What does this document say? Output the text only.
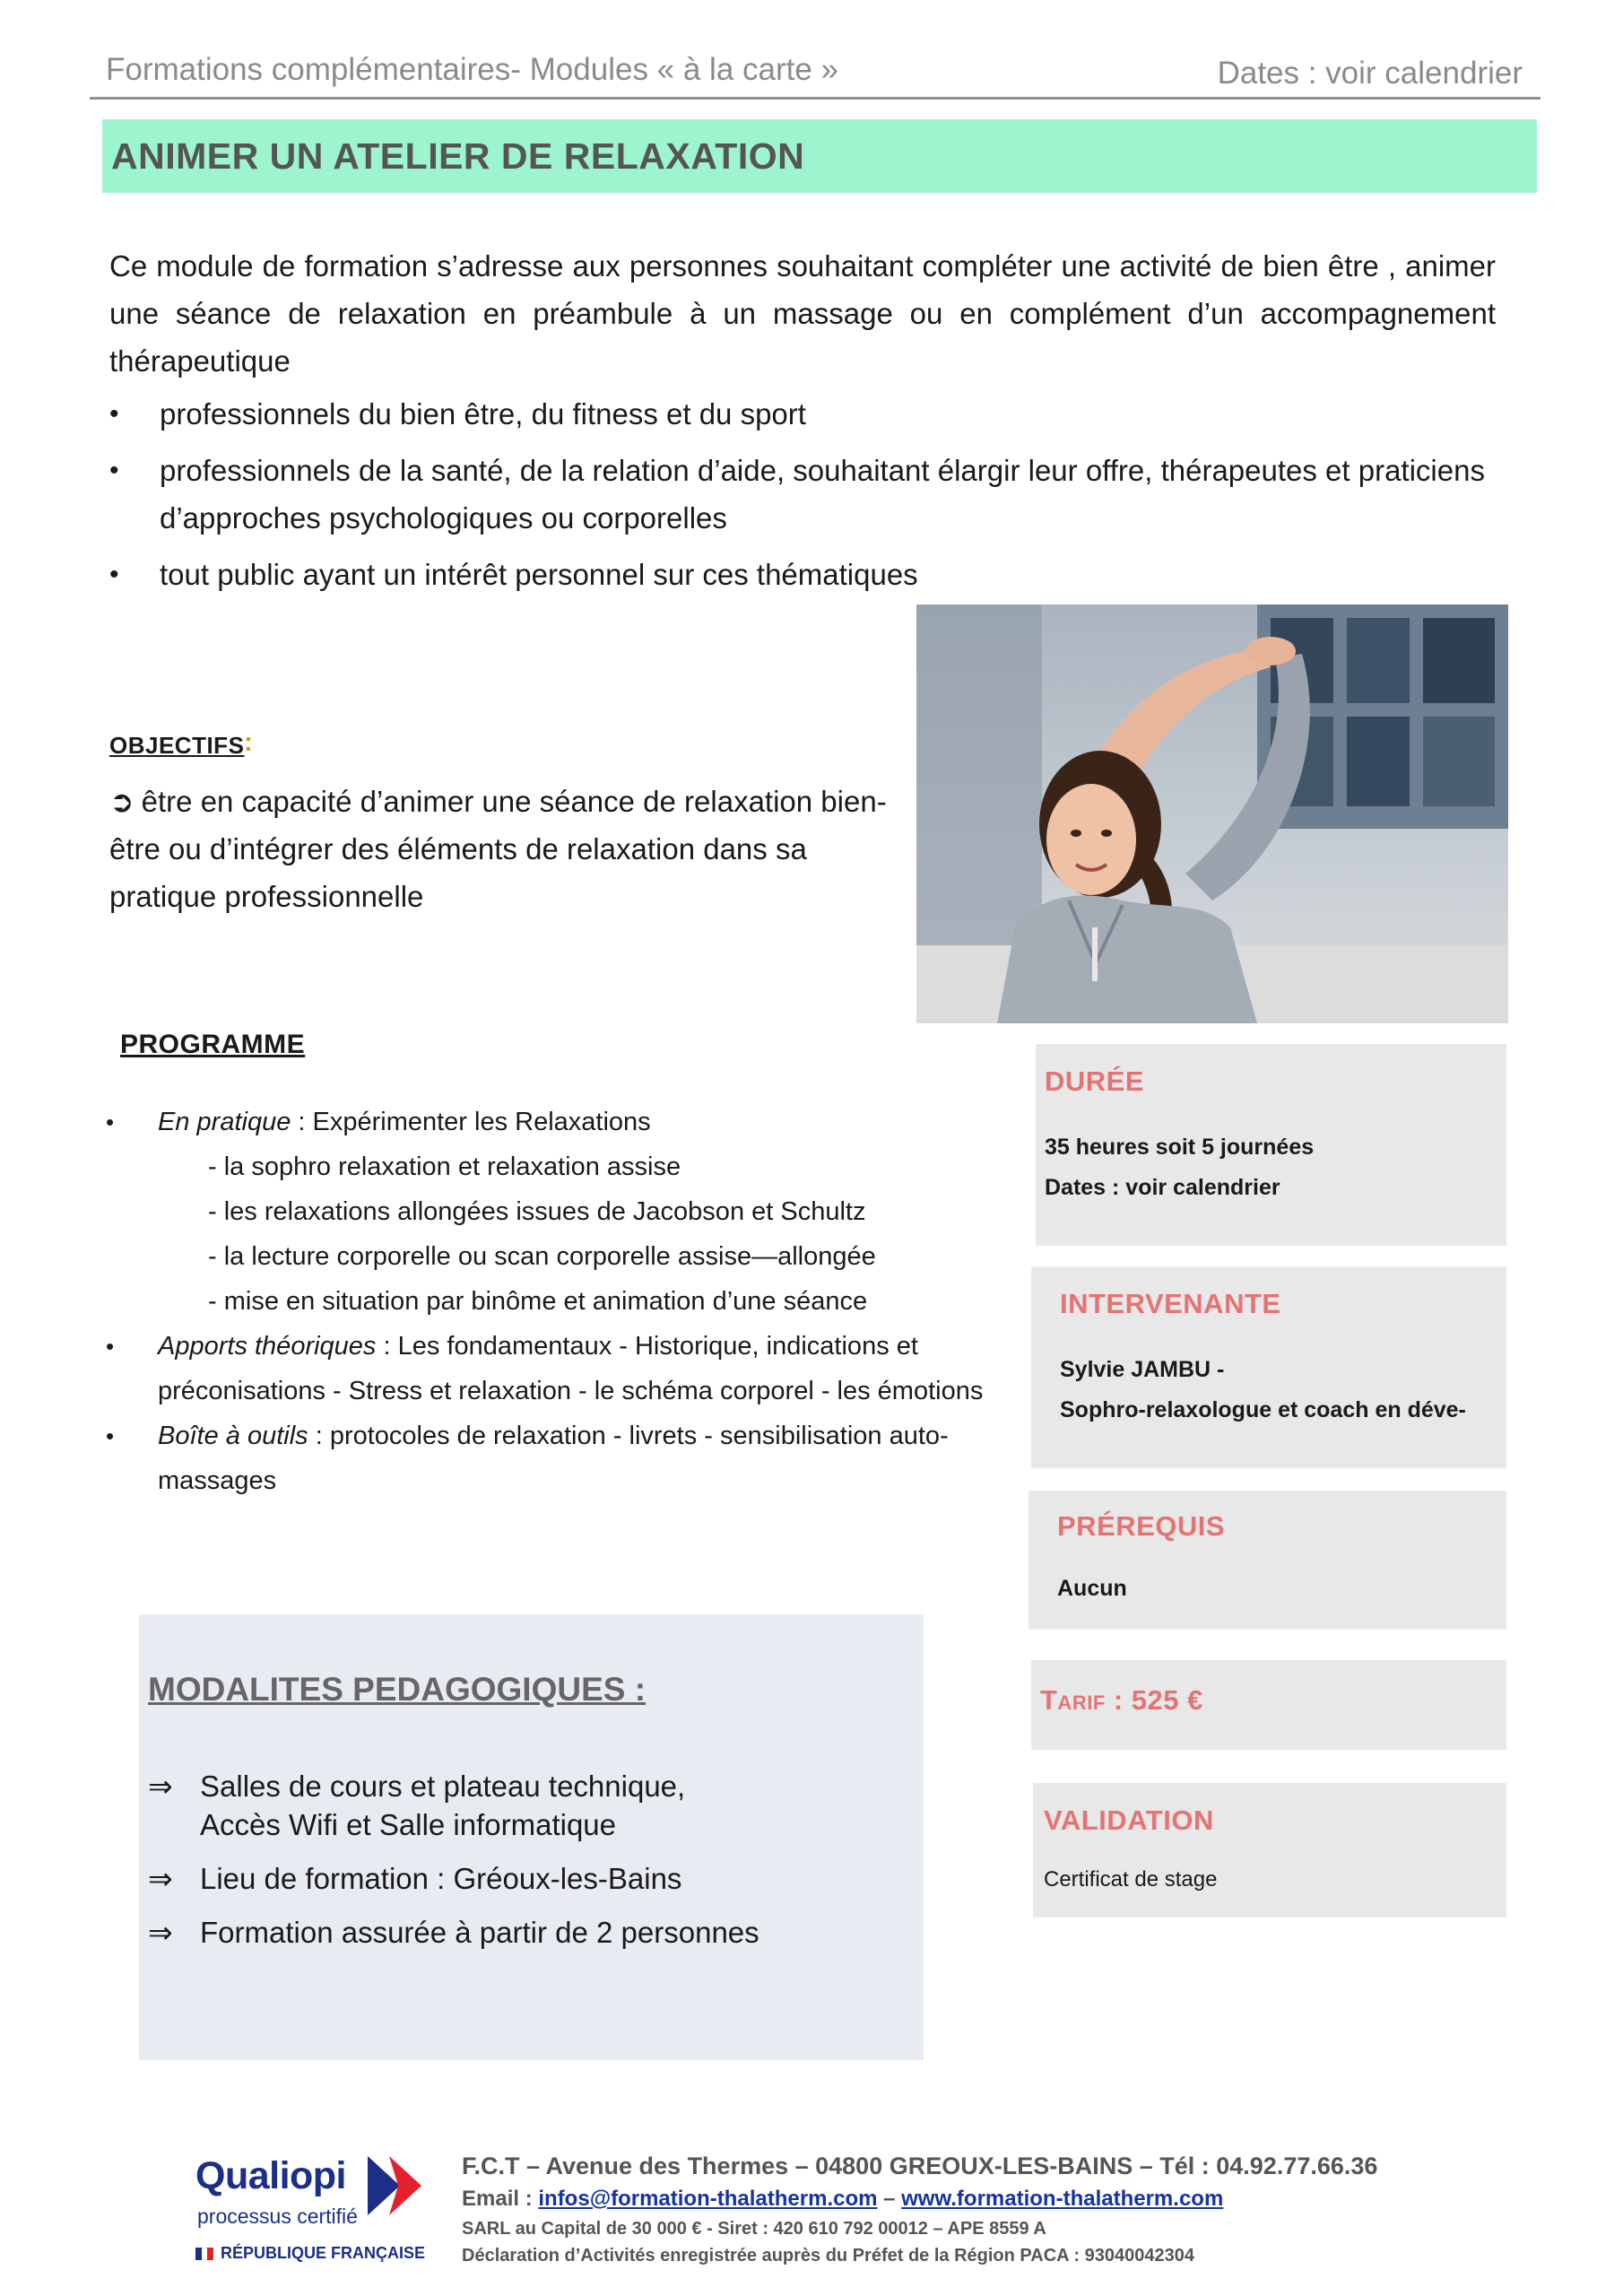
Formations complémentaires- Modules « à la carte »	Dates : voir calendrier
ANIMER UN ATELIER DE RELAXATION
Ce module de formation s’adresse aux personnes souhaitant compléter une activité de bien être , animer une séance de relaxation en préambule à un massage ou en complément d’un accompagnement thérapeutique
• professionnels du bien être, du fitness et du sport
• professionnels de la santé, de la relation d’aide, souhaitant élargir leur offre, thérapeutes et praticiens d’approches psychologiques ou corporelles
• tout public ayant un intérêt personnel sur ces thématiques
OBJECTIFS :
➲ être en capacité d’animer une séance de relaxation bien-être ou d’intégrer des éléments de relaxation dans sa pratique professionnelle
PROGRAMME
• En pratique : Expérimenter les Relaxations
- la sophro relaxation et relaxation assise
- les relaxations allongées issues de Jacobson et Schultz
- la lecture corporelle ou scan corporelle assise—allongée
- mise en situation par binôme et animation d’une séance
• Apports théoriques : Les fondamentaux - Historique, indications et préconisations - Stress et relaxation - le schéma corporel - les émotions
• Boîte à outils : protocoles de relaxation - livrets - sensibilisation auto-massages
MODALITES PEDAGOGIQUES :
⇒ Salles de cours et plateau technique,
Accès Wifi et Salle informatique
⇒ Lieu de formation : Gréoux-les-Bains
⇒ Formation assurée à partir de 2 personnes
DURÉE
35 heures soit 5 journées
Dates : voir calendrier
INTERVENANTE
Sylvie JAMBU -
Sophro-relaxologue et coach en déve-
PRÉREQUIS
Aucun
Tarif : 525 €
VALIDATION
Certificat de stage
Qualiopi
processus certifié
RÉPUBLIQUE FRANÇAISE
F.C.T – Avenue des Thermes – 04800 GREOUX-LES-BAINS – Tél : 04.92.77.66.36
Email : infos@formation-thalatherm.com – www.formation-thalatherm.com
SARL au Capital de 30 000 € - Siret : 420 610 792 00012 – APE 8559 A
Déclaration d’Activités enregistrée auprès du Préfet de la Région PACA : 93040042304
